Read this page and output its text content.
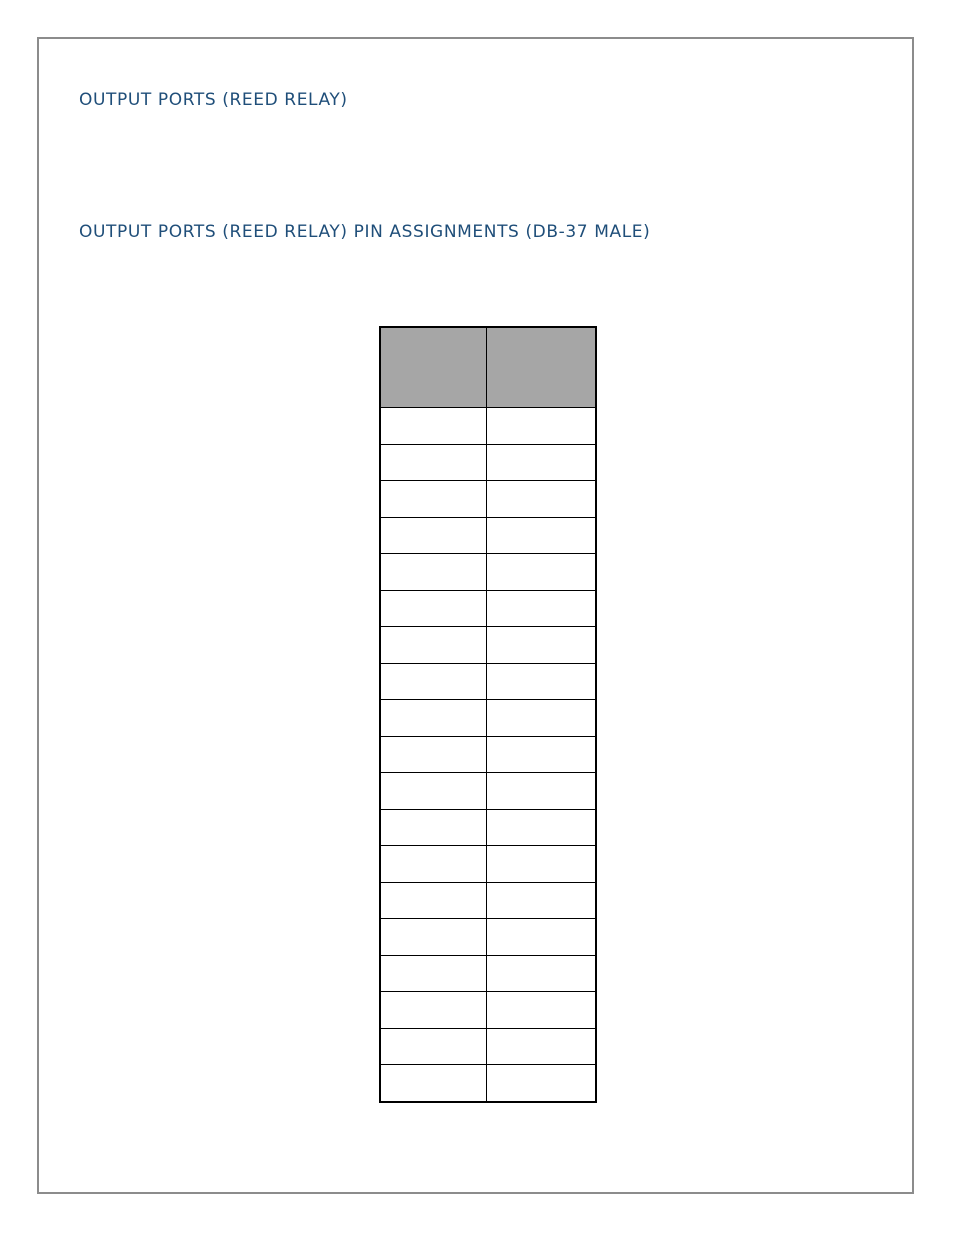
OUTPUT PORTS (REED RELAY)
OUTPUT PORTS (REED RELAY) PIN ASSIGNMENTS (DB-37 MALE)
